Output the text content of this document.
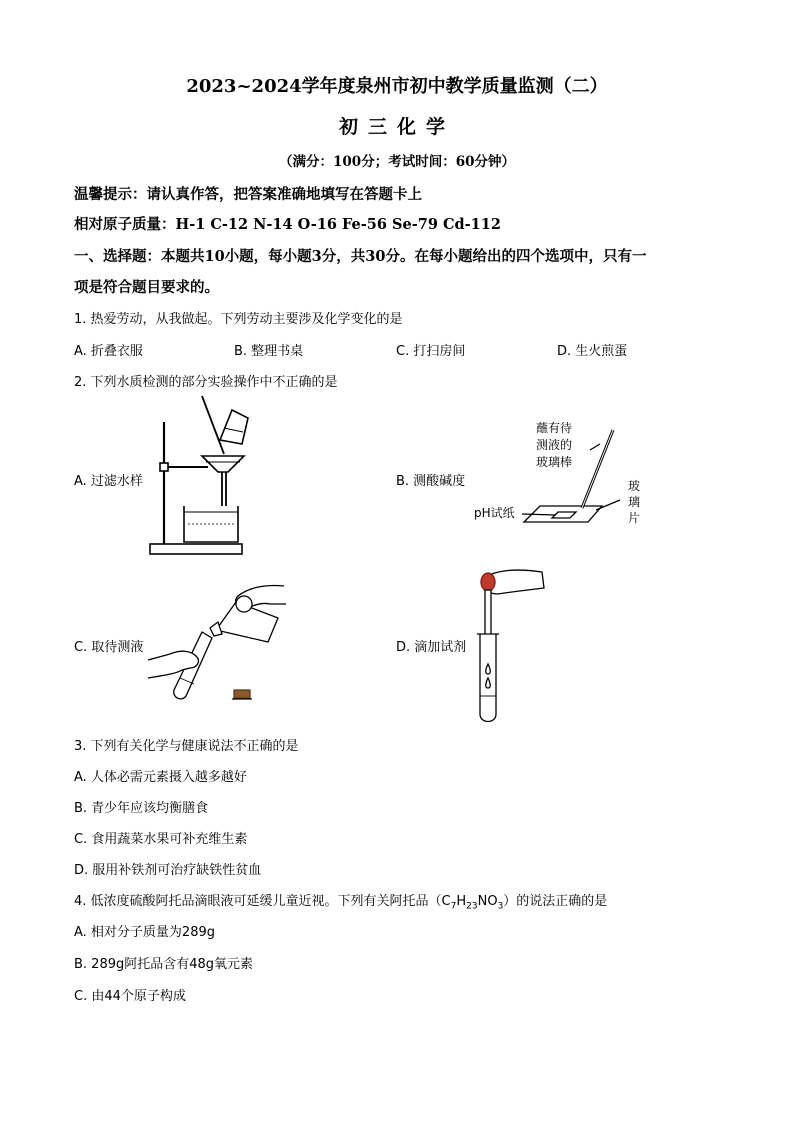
2023~2024学年度泉州市初中教学质量监测（二）
初三化学
（满分：100分；考试时间：60分钟）
温馨提示：请认真作答，把答案准确地填写在答题卡上
相对原子质量：H-1 C-12 N-14 O-16 Fe-56 Se-79 Cd-112
一、选择题：本题共10小题，每小题3分，共30分。在每小题给出的四个选项中，只有一
项是符合题目要求的。
1. 热爱劳动，从我做起。下列劳动主要涉及化学变化的是
A. 折叠衣服	B. 整理书桌	C. 打扫房间	D. 生火煎蛋
2. 下列水质检测的部分实验操作中不正确的是
A. 过滤水样	B. 测酸碱度
C. 取待测液	D. 滴加试剂
蘸有待
测液的
玻璃棒
玻
璃
片
pH试纸
3. 下列有关化学与健康说法不正确的是
A. 人体必需元素摄入越多越好
B. 青少年应该均衡膳食
C. 食用蔬菜水果可补充维生素
D. 服用补铁剂可治疗缺铁性贫血
4. 低浓度硫酸阿托品滴眼液可延缓儿童近视。下列有关阿托品$(C_7H_{23}NO_3)$的说法正确的是
A. 相对分子质量为289g
B. 289g阿托品含有48g氧元素
C. 由44个原子构成
